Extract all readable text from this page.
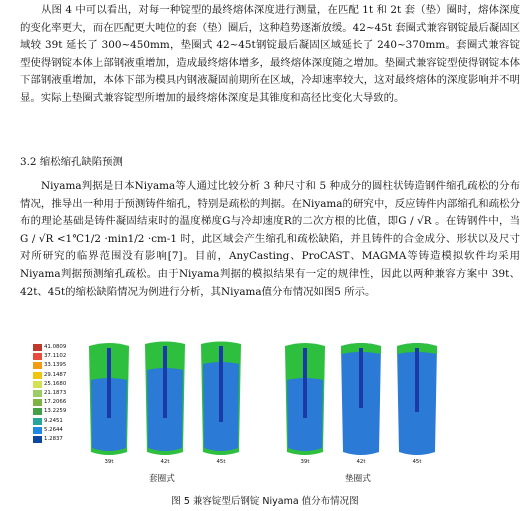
从图 4 中可以看出，对每一种锭型的最终熔体深度进行测量，在匹配 1t 和 2t 套（垫）圈时，熔体深度的变化率更大，而在匹配更大吨位的套（垫）圈后，这种趋势逐渐放缓。42~45t 套圈式兼容钢锭最后凝固区域较 39t 延长了 300~450mm，垫圈式 42~45t钢锭最后凝固区域延长了 240~370mm。套圈式兼容锭型使得钢锭本体上部钢液重增加，造成最终熔体增多，最终熔体深度随之增加。垫圈式兼容锭型使得钢锭本体下部钢液重增加，本体下部为模具内钢液凝固前期所在区域，冷却速率较大，这对最终熔体的深度影响并不明显。实际上垫圈式兼容锭型所增加的最终熔体深度是其锥度和高径比变化大导致的。
3.2 缩松缩孔缺陷预测
Niyama判据是日本Niyama等人通过比较分析 3 种尺寸和 5 种成分的圆柱状铸造钢件缩孔疏松的分布情况，推导出一种用于预测铸件缩孔，特别是疏松的判据。在Niyama的研究中，反应铸件内部缩孔和疏松分布的理论基础是铸件凝固结束时的温度梯度G与冷却速度R的二次方根的比值，即G / √R 。在铸钢件中，当 G / √R <1℃1/2 ·min1/2 ·cm-1 时，此区域会产生缩孔和疏松缺陷，并且铸件的合金成分、形状以及尺寸对所研究的临界范围没有影响[7]。目前，AnyCasting、ProCAST、MAGMA等铸造模拟软件均采用Niyama判据预测缩孔疏松。由于Niyama判据的模拟结果有一定的规律性，因此以两种兼容方案中 39t、42t、45t的缩松缺陷情况为例进行分析，其Niyama值分布情况如图5 所示。
41.0809
37.1102
33.1395
29.1487
25.1680
21.1873
17.2066
13.2259
9.2451
5.2644
1.2837
39t	42t	45t	39t	42t	45t
套圈式	垫圈式
图 5 兼容锭型后钢锭 Niyama 值分布情况图
